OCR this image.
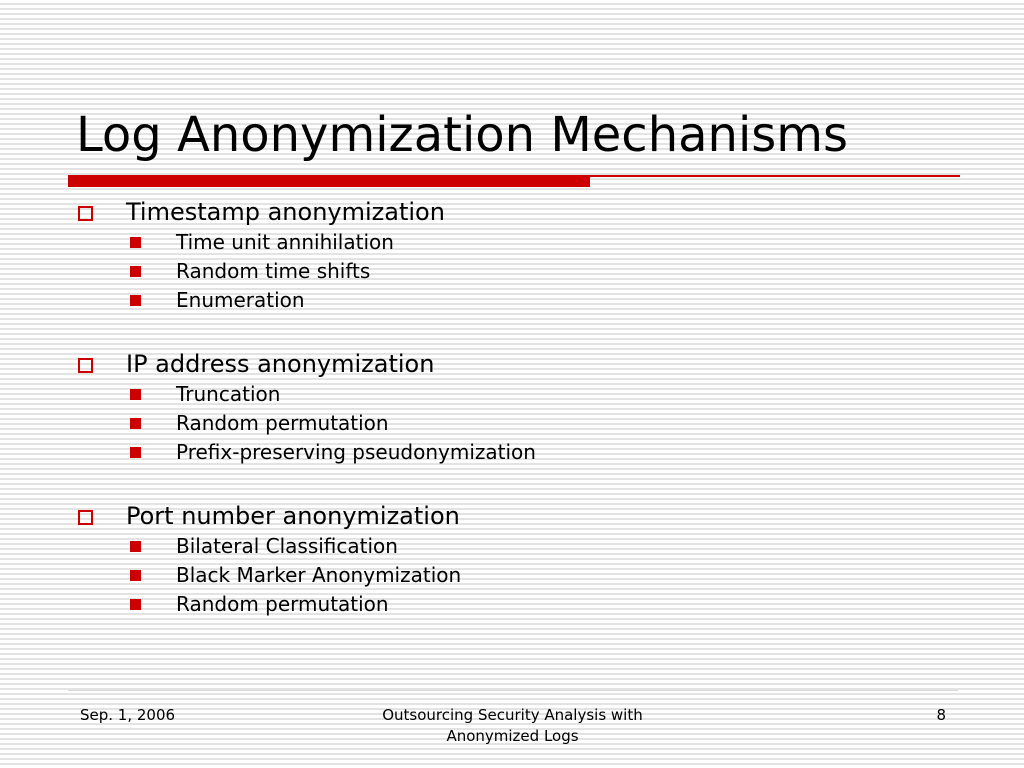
Log Anonymization Mechanisms
Timestamp anonymization
Time unit annihilation
Random time shifts
Enumeration
IP address anonymization
Truncation
Random permutation
Prefix-preserving pseudonymization
Port number anonymization
Bilateral Classification
Black Marker Anonymization
Random permutation
Sep. 1, 2006	Outsourcing Security Analysis with
Anonymized Logs
8
